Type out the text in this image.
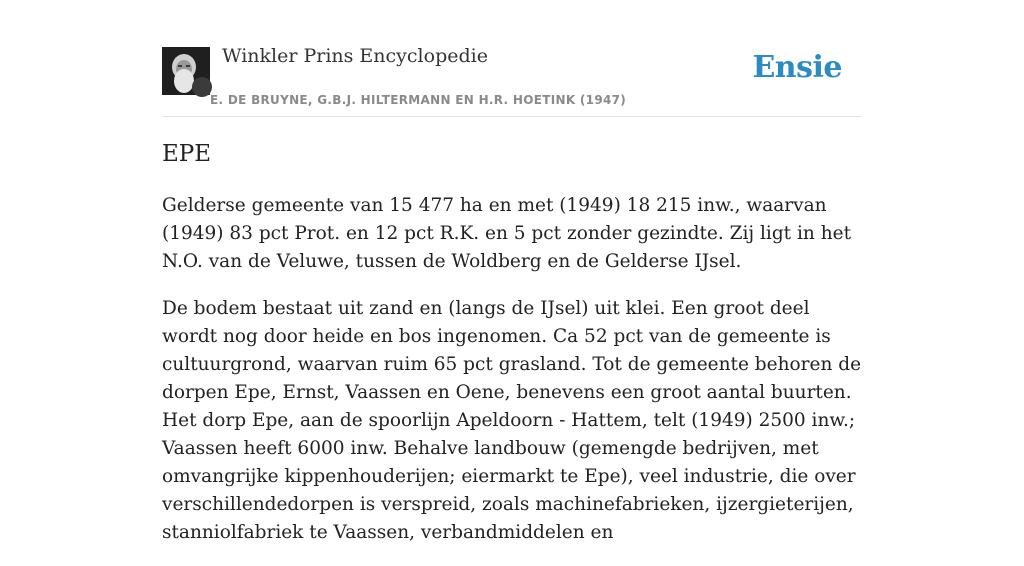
Winkler Prins Encyclopedie
E. DE BRUYNE, G.B.J. HILTERMANN EN H.R. HOETINK (1947)
Ensie
EPE

Gelderse gemeente van 15 477 ha en met (1949) 18 215 inw., waarvan (1949) 83 pct Prot. en 12 pct R.K. en 5 pct zonder gezindte. Zij ligt in het N.O. van de Veluwe, tussen de Woldberg en de Gelderse IJsel.

De bodem bestaat uit zand en (langs de IJsel) uit klei. Een groot deel wordt nog door heide en bos ingenomen. Ca 52 pct van de gemeente is cultuurgrond, waarvan ruim 65 pct grasland. Tot de gemeente behoren de dorpen Epe, Ernst, Vaassen en Oene, benevens een groot aantal buurten. Het dorp Epe, aan de spoorlijn Apeldoorn - Hattem, telt (1949) 2500 inw.; Vaassen heeft 6000 inw. Behalve landbouw (gemengde bedrijven, met omvangrijke kippenhouderijen; eiermarkt te Epe), veel industrie, die over verschillendedorpen is verspreid, zoals machinefabrieken, ijzergieterijen, stanniolfabriek te Vaassen, verbandmiddelen en
